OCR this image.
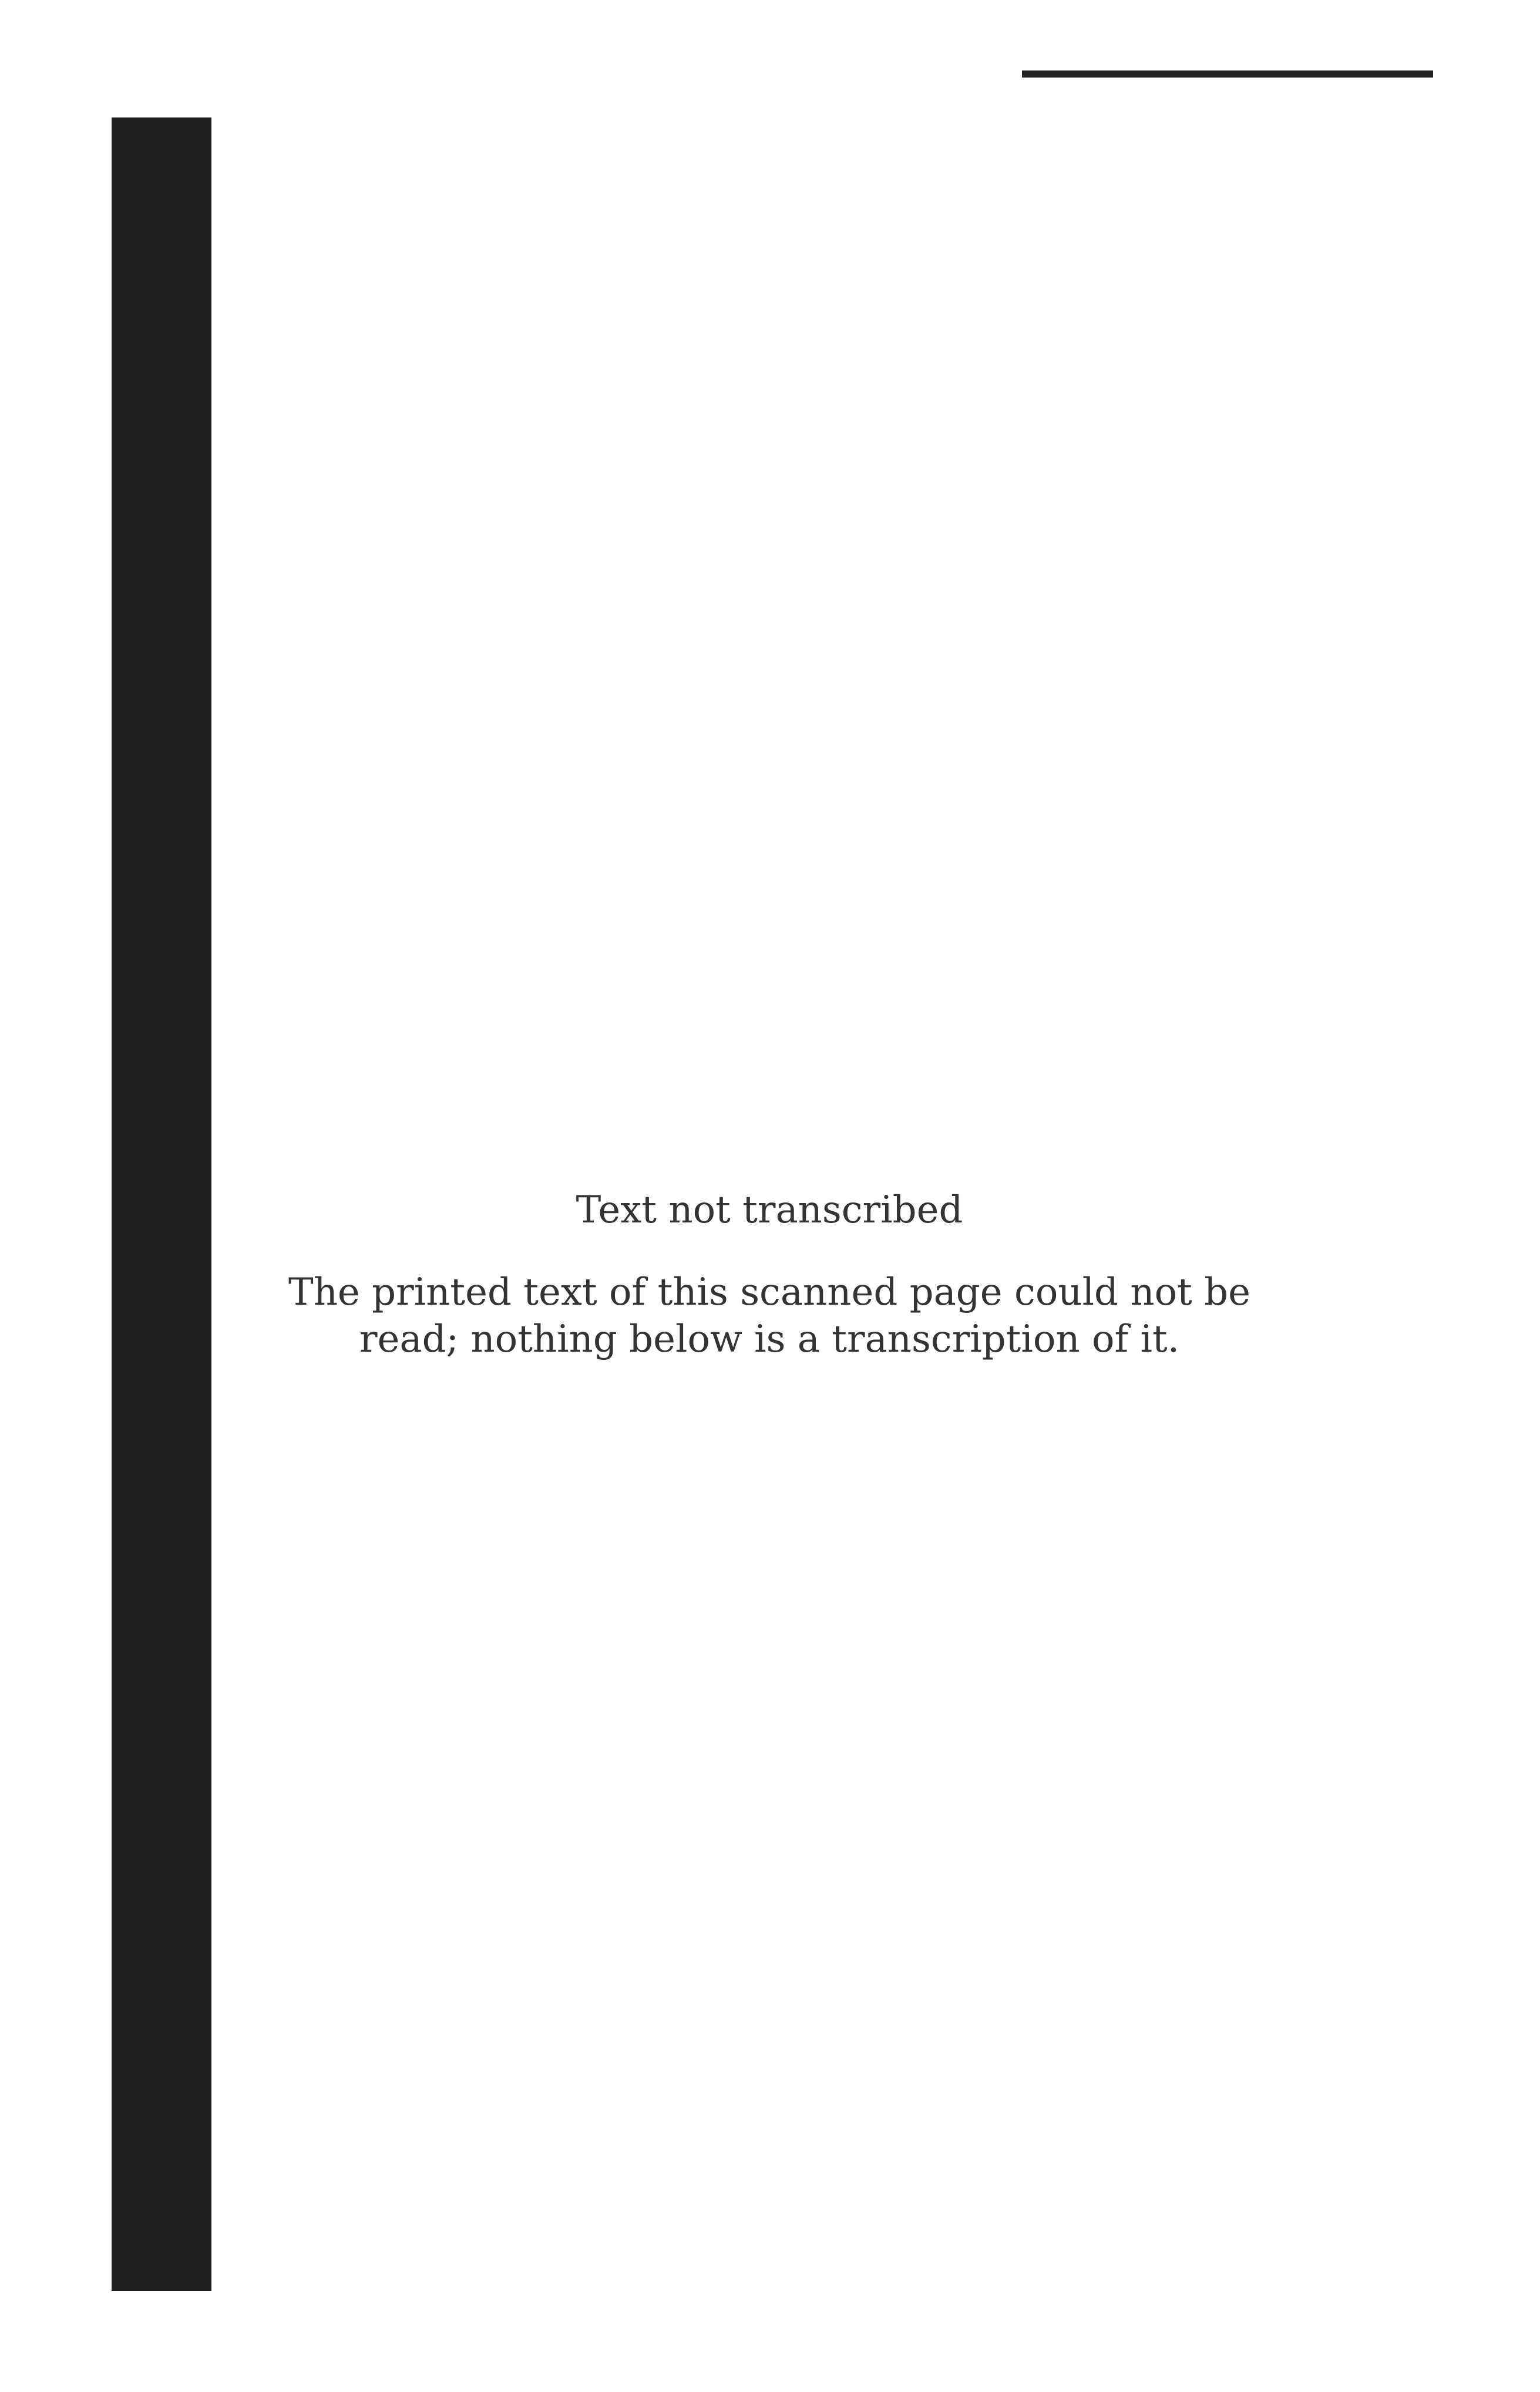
Text not transcribed
The printed text of this scanned page could not be read; nothing below is a transcription of it.
